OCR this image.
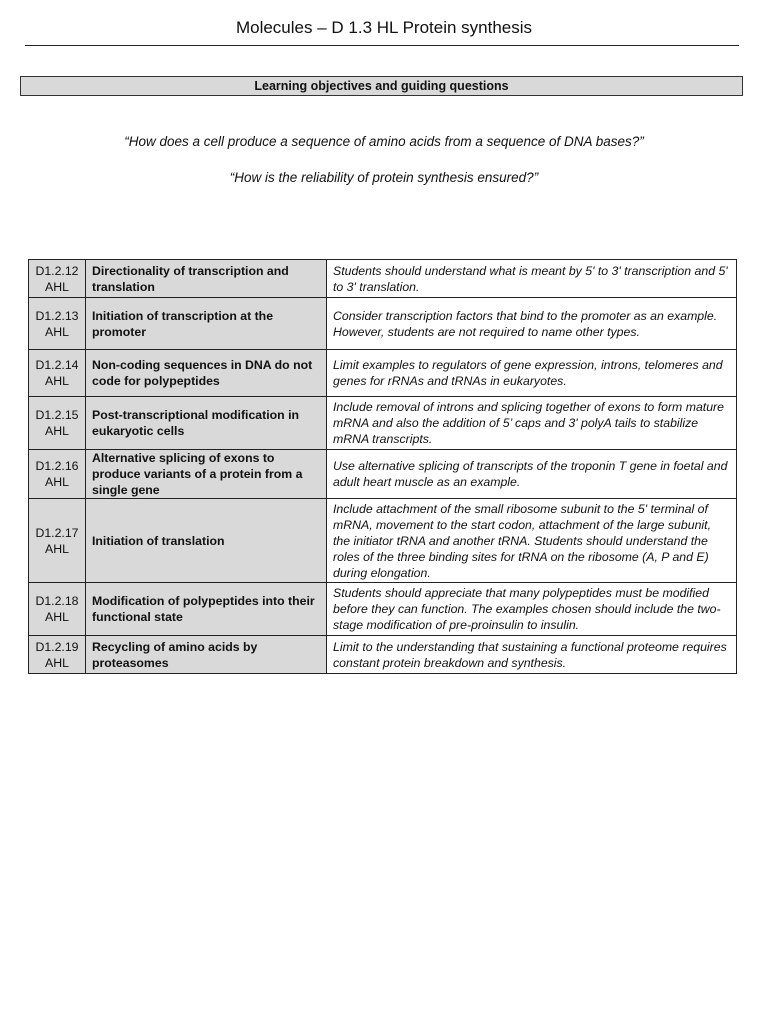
Molecules – D 1.3 HL Protein synthesis
Learning objectives and guiding questions
“How does a cell produce a sequence of amino acids from a sequence of DNA bases?”
“How is the reliability of protein synthesis ensured?”
D1.2.12
AHL	Directionality of transcription and translation	Students should understand what is meant by 5' to 3' transcription and 5' to 3' translation.

D1.2.13
AHL	Initiation of transcription at the promoter	Consider transcription factors that bind to the promoter as an example. However, students are not required to name other types.

D1.2.14
AHL	Non-coding sequences in DNA do not code for polypeptides	Limit examples to regulators of gene expression, introns, telomeres and genes for rRNAs and tRNAs in eukaryotes.

D1.2.15
AHL	Post-transcriptional modification in eukaryotic cells	Include removal of introns and splicing together of exons to form mature mRNA and also the addition of 5’ caps and 3' polyA tails to stabilize mRNA transcripts.

D1.2.16
AHL	Alternative splicing of exons to produce variants of a protein from a single gene	Use alternative splicing of transcripts of the troponin T gene in foetal and adult heart muscle as an example.

D1.2.17
AHL	Initiation of translation	Include attachment of the small ribosome subunit to the 5' terminal of mRNA, movement to the start codon, attachment of the large subunit, the initiator tRNA and another tRNA. Students should understand the roles of the three binding sites for tRNA on the ribosome (A, P and E) during elongation.

D1.2.18
AHL	Modification of polypeptides into their functional state	Students should appreciate that many polypeptides must be modified before they can function. The examples chosen should include the two-stage modification of pre-proinsulin to insulin.

D1.2.19
AHL	Recycling of amino acids by proteasomes	Limit to the understanding that sustaining a functional proteome requires constant protein breakdown and synthesis.
